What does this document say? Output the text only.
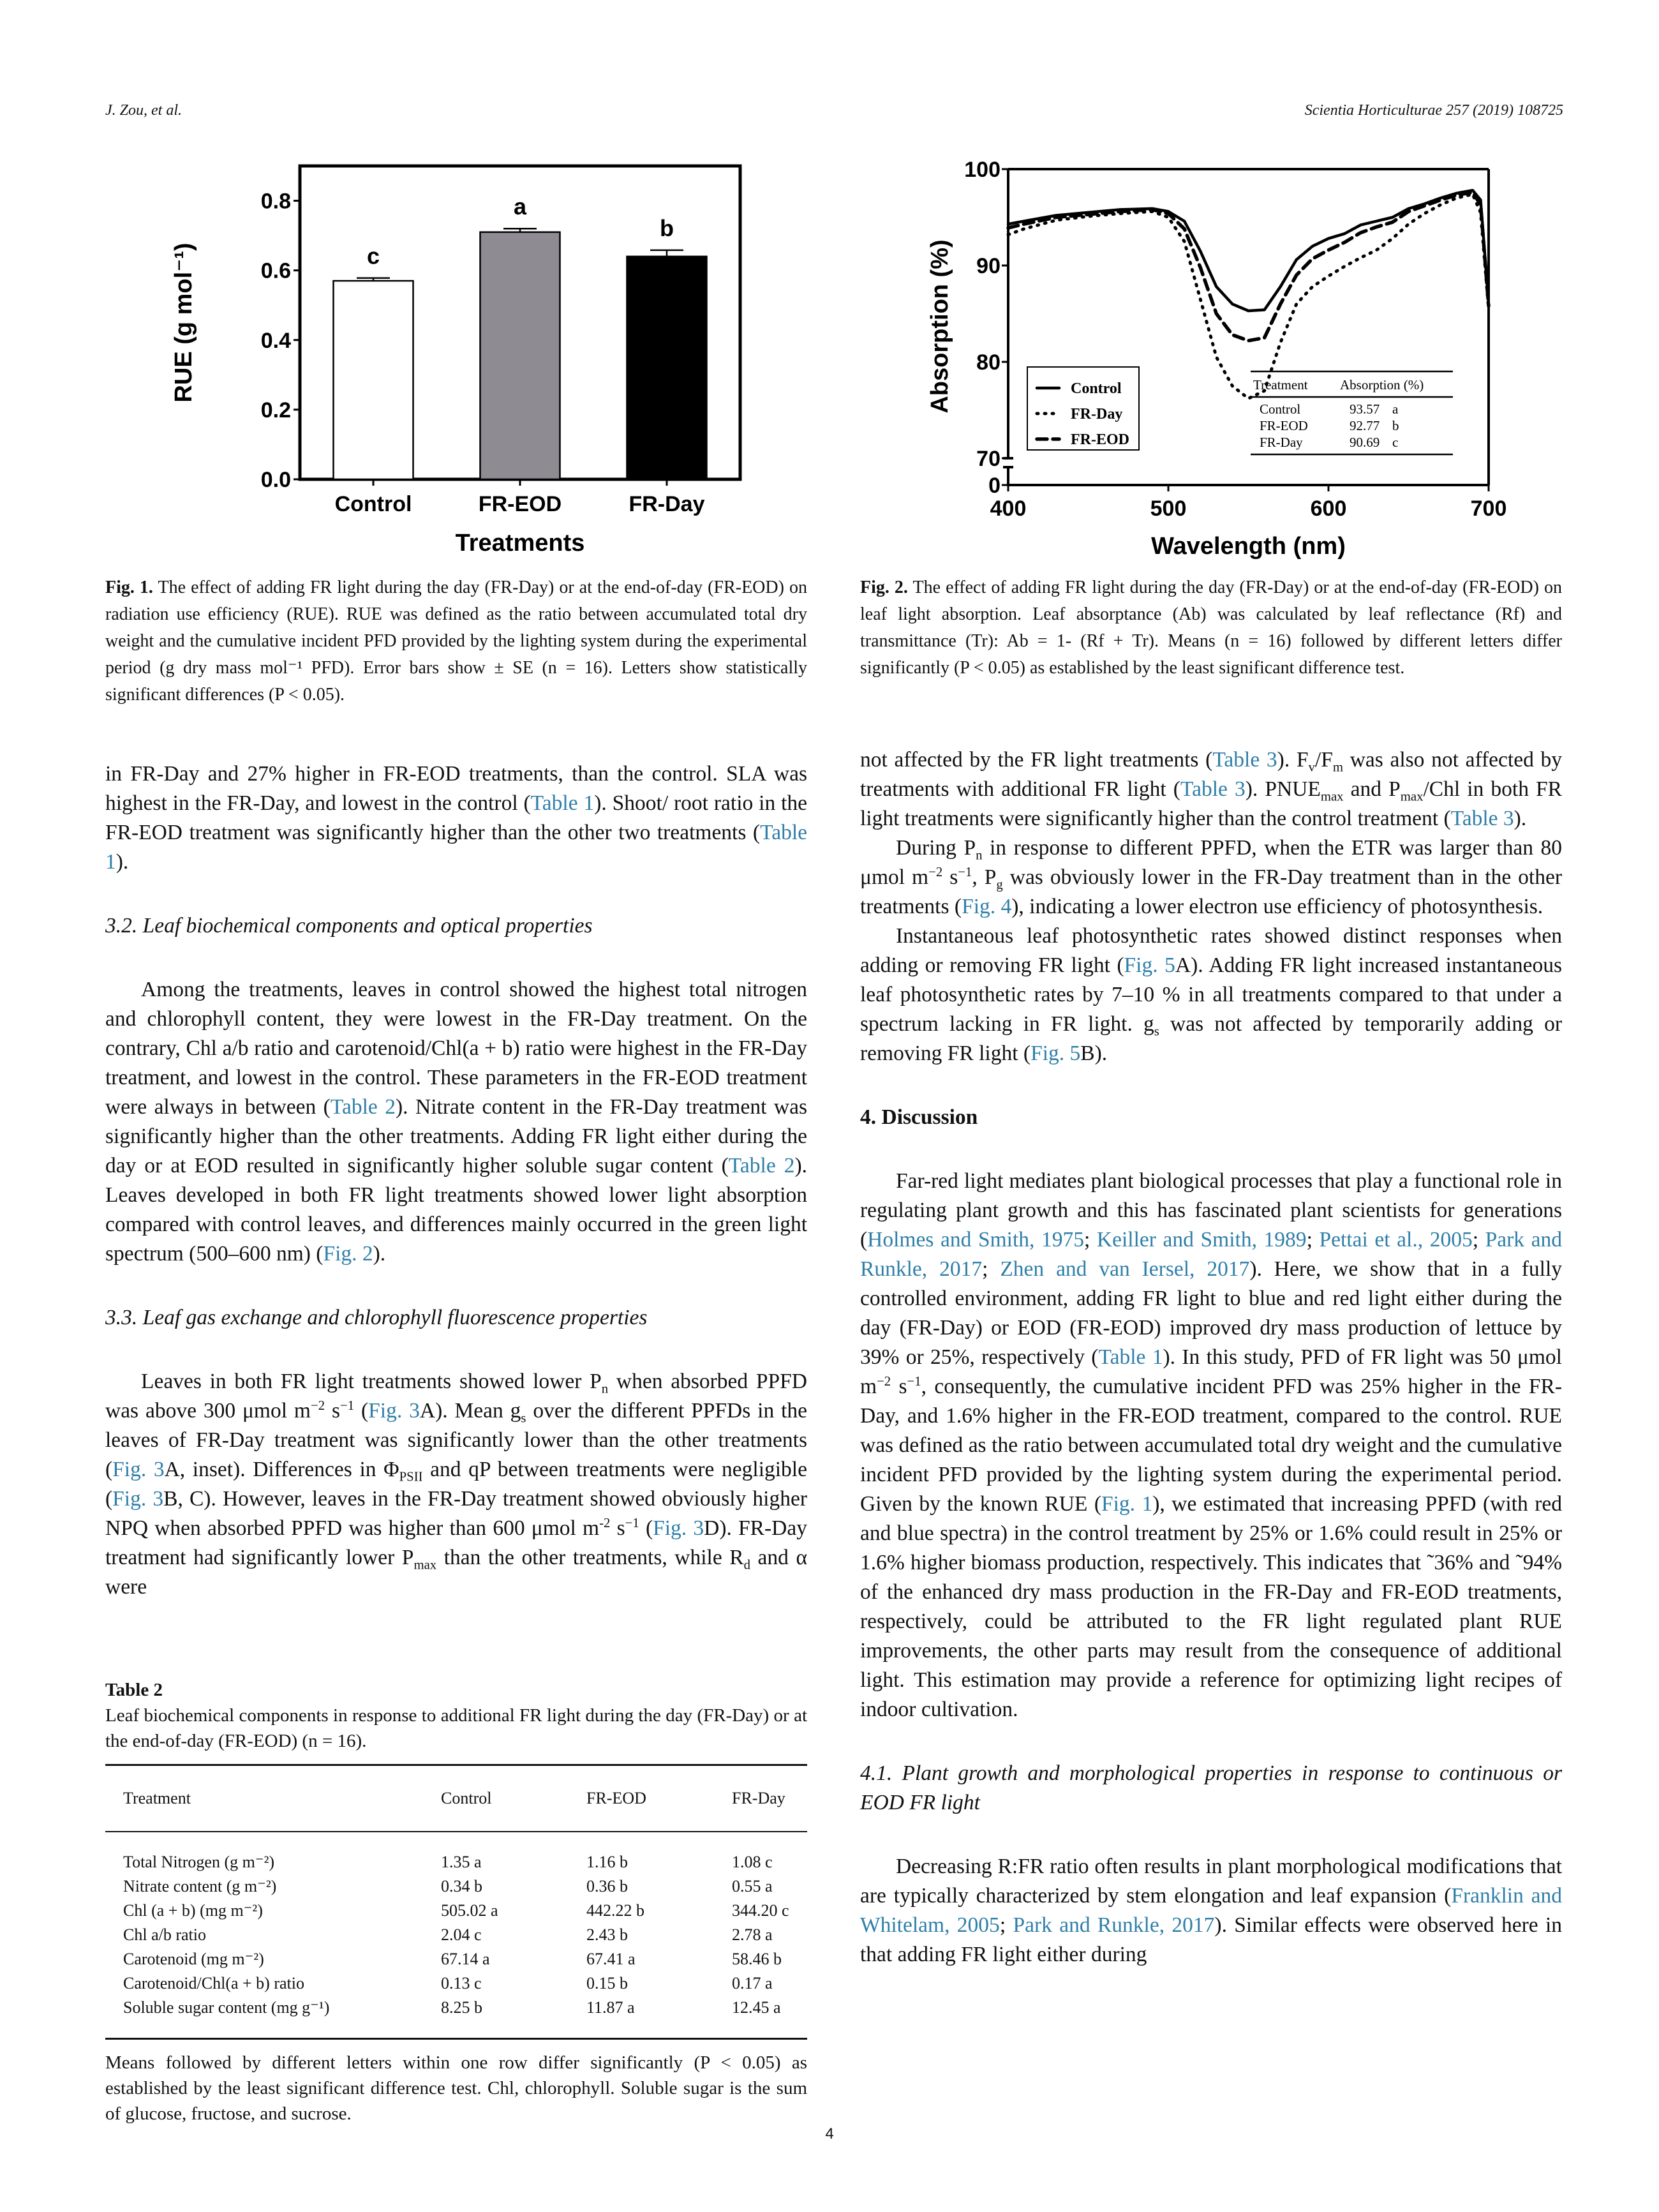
J. Zou, et al.	Scientia Horticulturae 257 (2019) 108725
0.0
0.2
0.4
0.6
0.8
RUE (g mol⁻¹)	c
Control
a
FR-EOD
b
FR-Day
Treatments
100
90
80
70
0
400	500	600	700
Wavelength (nm)
Absorption (%)	Control
FR-Day
FR-EOD
Treatment Absorption (%)
Control	93.57 a
FR-EOD	92.77 b
FR-Day	90.69 c
Fig. 1. The effect of adding FR light during the day (FR-Day) or at the end-of-day (FR-EOD) on radiation use efficiency (RUE). RUE was defined as the ratio between accumulated total dry weight and the cumulative incident PFD provided by the lighting system during the experimental period (g dry mass mol⁻¹ PFD). Error bars show ± SE (n = 16). Letters show statistically significant differences (P < 0.05).
Fig. 2. The effect of adding FR light during the day (FR-Day) or at the end-of-day (FR-EOD) on leaf light absorption. Leaf absorptance (Ab) was calculated by leaf reflectance (Rf) and transmittance (Tr): Ab = 1- (Rf + Tr). Means (n = 16) followed by different letters differ significantly (P < 0.05) as established by the least significant difference test.

in FR-Day and 27% higher in FR-EOD treatments, than the control. SLA was highest in the FR-Day, and lowest in the control (Table 1). Shoot/ root ratio in the FR-EOD treatment was significantly higher than the other two treatments (Table 1).

3.2. Leaf biochemical components and optical properties

Among the treatments, leaves in control showed the highest total nitrogen and chlorophyll content, they were lowest in the FR-Day treatment. On the contrary, Chl a/b ratio and carotenoid/Chl(a + b) ratio were highest in the FR-Day treatment, and lowest in the control. These parameters in the FR-EOD treatment were always in between (Table 2). Nitrate content in the FR-Day treatment was significantly higher than the other treatments. Adding FR light either during the day or at EOD resulted in significantly higher soluble sugar content (Table 2). Leaves developed in both FR light treatments showed lower light absorption compared with control leaves, and differences mainly occurred in the green light spectrum (500–600 nm) (Fig. 2).

3.3. Leaf gas exchange and chlorophyll fluorescence properties

Leaves in both FR light treatments showed lower $P_n$ when absorbed PPFD was above 300 μmol $m^{-2}$ $s^{-1}$ (Fig. 3A). Mean $g_s$ over the different PPFDs in the leaves of FR-Day treatment was significantly lower than the other treatments (Fig. 3A, inset). Differences in $\Phi_{PSII}$ and qP between treatments were negligible (Fig. 3B, C). However, leaves in the FR-Day treatment showed obviously higher NPQ when absorbed PPFD was higher than 600 μmol $m^{-2}$ $s^{-1}$ (Fig. 3D). FR-Day treatment had significantly lower $P_{max}$ than the other treatments, while $R_d$ and α were

Table 2
Leaf biochemical components in response to additional FR light during the day (FR-Day) or at the end-of-day (FR-EOD) (n = 16).
Treatment	Control	FR-EOD	FR-Day
Total Nitrogen (g m⁻²)	1.35 a	1.16 b	1.08 c
Nitrate content (g m⁻²)	0.34 b	0.36 b	0.55 a
Chl (a + b) (mg m⁻²)	505.02 a	442.22 b	344.20 c
Chl a/b ratio	2.04 c	2.43 b	2.78 a
Carotenoid (mg m⁻²)	67.14 a	67.41 a	58.46 b
Carotenoid/Chl(a + b) ratio	0.13 c	0.15 b	0.17 a
Soluble sugar content (mg g⁻¹)	8.25 b	11.87 a	12.45 a
Means followed by different letters within one row differ significantly (P < 0.05) as established by the least significant difference test. Chl, chlorophyll. Soluble sugar is the sum of glucose, fructose, and sucrose.

not affected by the FR light treatments (Table 3). $F_v/F_m$ was also not affected by treatments with additional FR light (Table 3). $PNUE_{max}$ and $P_{max}$/Chl in both FR light treatments were significantly higher than the control treatment (Table 3).

During $P_n$ in response to different PPFD, when the ETR was larger than 80 μmol $m^{-2}$ $s^{-1}$, $P_g$ was obviously lower in the FR-Day treatment than in the other treatments (Fig. 4), indicating a lower electron use efficiency of photosynthesis.

Instantaneous leaf photosynthetic rates showed distinct responses when adding or removing FR light (Fig. 5A). Adding FR light increased instantaneous leaf photosynthetic rates by 7–10 % in all treatments compared to that under a spectrum lacking in FR light. $g_s$ was not affected by temporarily adding or removing FR light (Fig. 5B).

4. Discussion

Far-red light mediates plant biological processes that play a functional role in regulating plant growth and this has fascinated plant scientists for generations (Holmes and Smith, 1975; Keiller and Smith, 1989; Pettai et al., 2005; Park and Runkle, 2017; Zhen and van Iersel, 2017). Here, we show that in a fully controlled environment, adding FR light to blue and red light either during the day (FR-Day) or EOD (FR-EOD) improved dry mass production of lettuce by 39% or 25%, respectively (Table 1). In this study, PFD of FR light was 50 μmol $m^{-2}$ $s^{-1}$, consequently, the cumulative incident PFD was 25% higher in the FR-Day, and 1.6% higher in the FR-EOD treatment, compared to the control. RUE was defined as the ratio between accumulated total dry weight and the cumulative incident PFD provided by the lighting system during the experimental period. Given by the known RUE (Fig. 1), we estimated that increasing PPFD (with red and blue spectra) in the control treatment by 25% or 1.6% could result in 25% or 1.6% higher biomass production, respectively. This indicates that ˜36% and ˜94% of the enhanced dry mass production in the FR-Day and FR-EOD treatments, respectively, could be attributed to the FR light regulated plant RUE improvements, the other parts may result from the consequence of additional light. This estimation may provide a reference for optimizing light recipes of indoor cultivation.

4.1. Plant growth and morphological properties in response to continuous or EOD FR light

Decreasing R:FR ratio often results in plant morphological modifications that are typically characterized by stem elongation and leaf expansion (Franklin and Whitelam, 2005; Park and Runkle, 2017). Similar effects were observed here in that adding FR light either during

4
